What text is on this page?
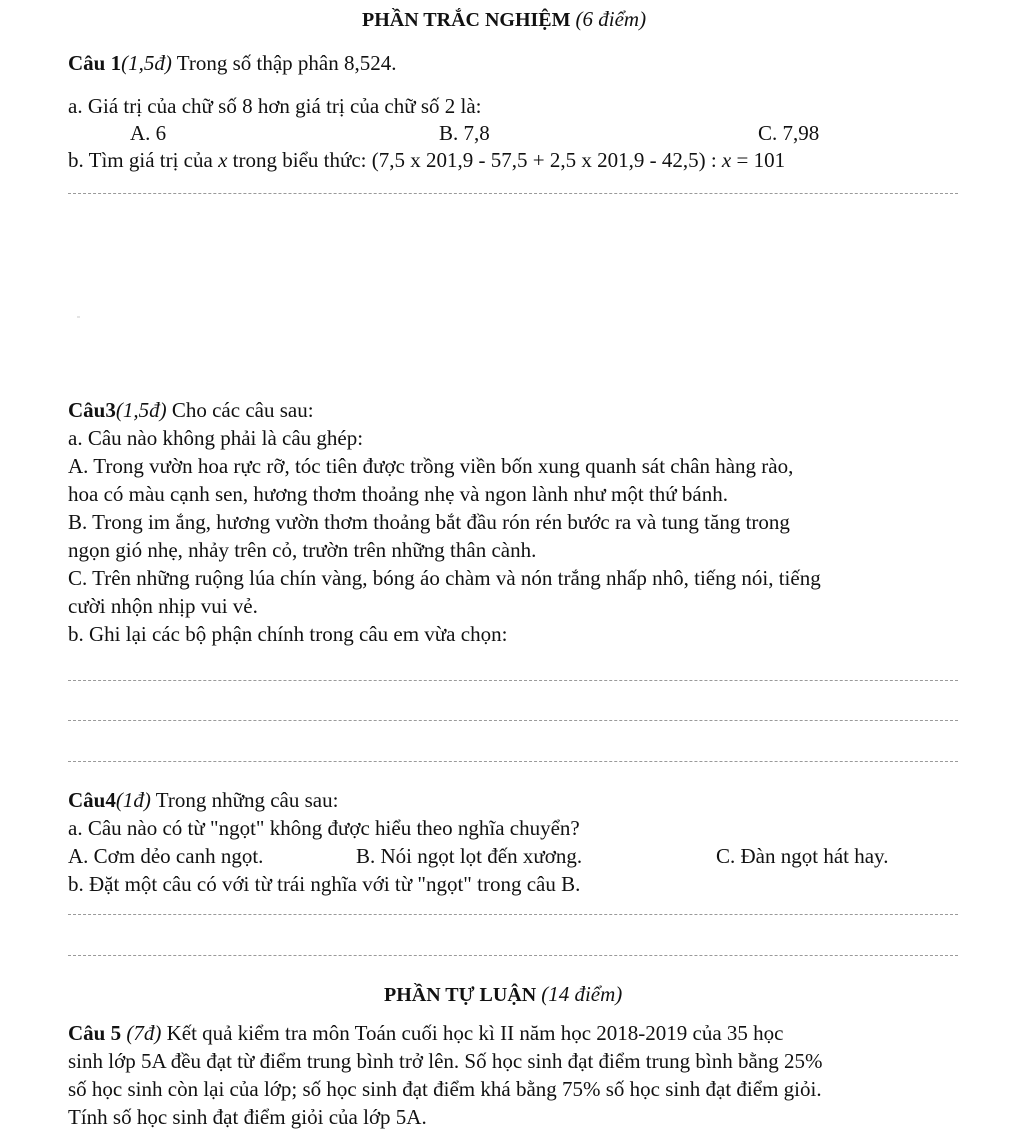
PHẦN TRẮC NGHIỆM (6 điểm)
Câu 1(1,5đ) Trong số thập phân 8,524.
a. Giá trị của chữ số 8 hơn giá trị của chữ số 2 là:
A. 6	B. 7,8	C. 7,98
b. Tìm giá trị của x trong biểu thức: (7,5 x 201,9 - 57,5 + 2,5 x 201,9 - 42,5) : x = 101
Câu3(1,5đ) Cho các câu sau:
a. Câu nào không phải là câu ghép:
A. Trong vườn hoa rực rỡ, tóc tiên được trồng viền bốn xung quanh sát chân hàng rào,
hoa có màu cạnh sen, hương thơm thoảng nhẹ và ngon lành như một thứ bánh.
B. Trong im ắng, hương vườn thơm thoảng bắt đầu rón rén bước ra và tung tăng trong
ngọn gió nhẹ, nhảy trên cỏ, trườn trên những thân cành.
C. Trên những ruộng lúa chín vàng, bóng áo chàm và nón trắng nhấp nhô, tiếng nói, tiếng
cười nhộn nhịp vui vẻ.
b. Ghi lại các bộ phận chính trong câu em vừa chọn:
Câu4(1đ) Trong những câu sau:
a. Câu nào có từ "ngọt" không được hiểu theo nghĩa chuyển?
A. Cơm dẻo canh ngọt.	B. Nói ngọt lọt đến xương.	C. Đàn ngọt hát hay.
b. Đặt một câu có với từ trái nghĩa với từ "ngọt" trong câu B.
PHẦN TỰ LUẬN (14 điểm)
Câu 5 (7đ) Kết quả kiểm tra môn Toán cuối học kì II năm học 2018-2019 của 35 học
sinh lớp 5A đều đạt từ điểm trung bình trở lên. Số học sinh đạt điểm trung bình bằng 25%
số học sinh còn lại của lớp; số học sinh đạt điểm khá bằng 75% số học sinh đạt điểm giỏi.
Tính số học sinh đạt điểm giỏi của lớp 5A.
